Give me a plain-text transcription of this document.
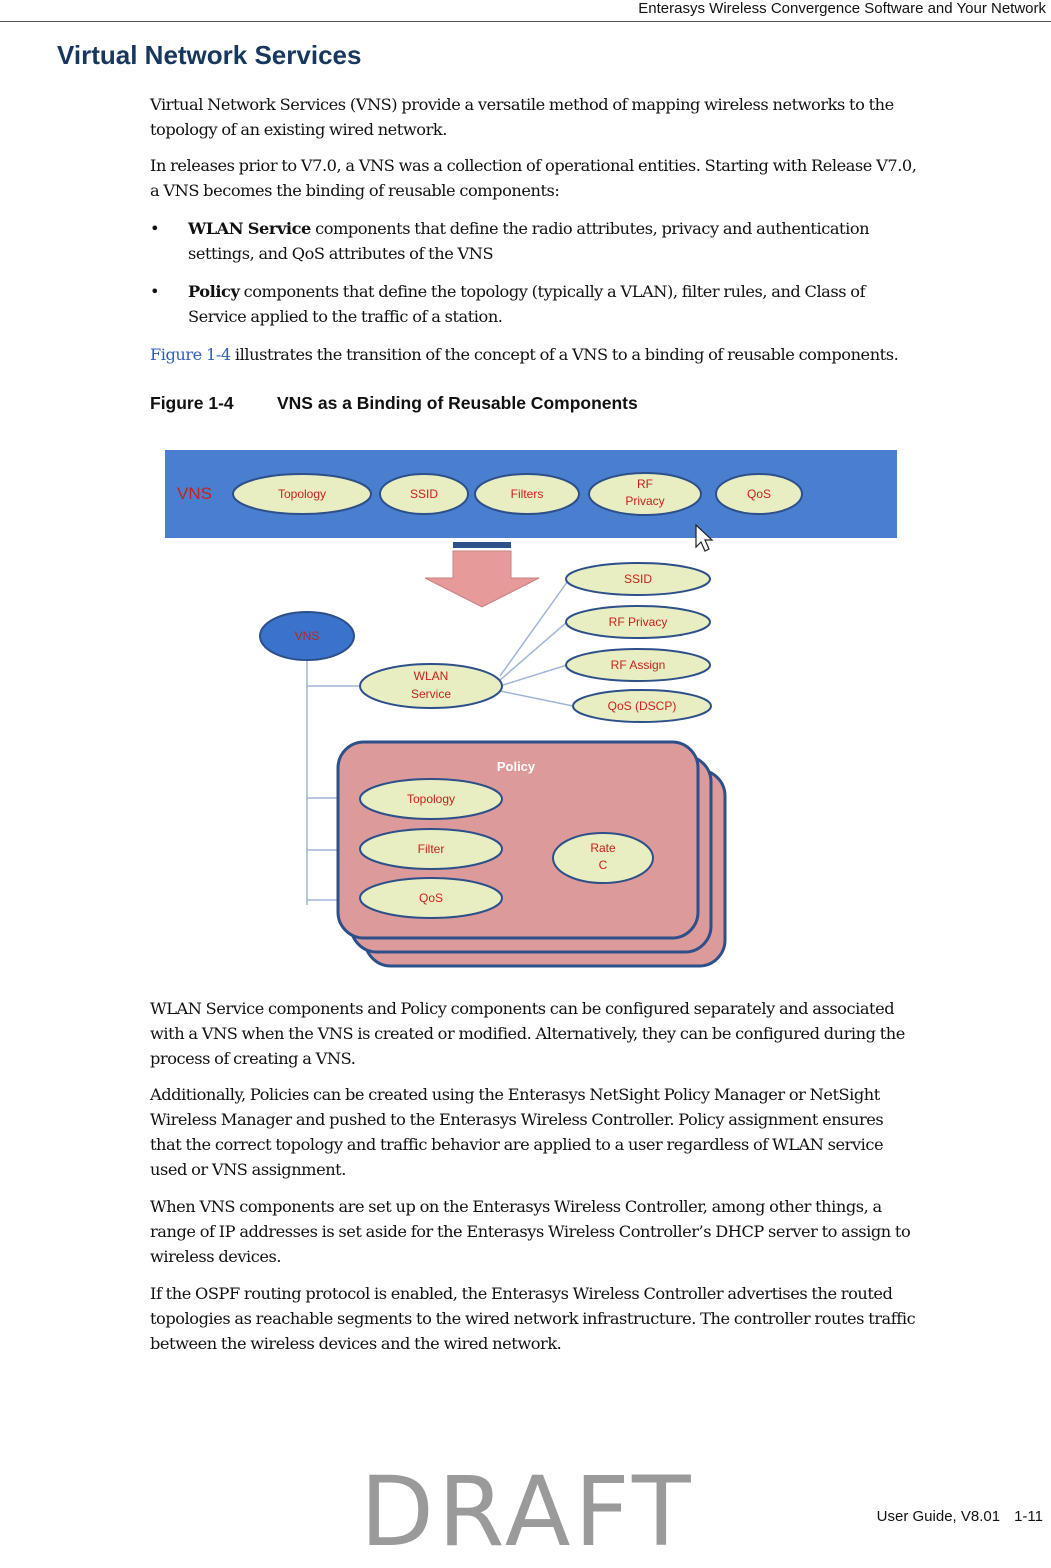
Enterasys Wireless Convergence Software and Your Network
Virtual Network Services
Virtual Network Services (VNS) provide a versatile method of mapping wireless networks to the
topology of an existing wired network.
In releases prior to V7.0, a VNS was a collection of operational entities. Starting with Release V7.0,
a VNS becomes the binding of reusable components:
• WLAN Service components that define the radio attributes, privacy and authentication
settings, and QoS attributes of the VNS
• Policy components that define the topology (typically a VLAN), filter rules, and Class of
Service applied to the traffic of a station.
Figure 1-4 illustrates the transition of the concept of a VNS to a binding of reusable components.
Figure 1-4 VNS as a Binding of Reusable Components
VNS	Topology	SSID	Filters
RF
Privacy	QoS
VNS
WLAN
Service
SSID
RF Privacy
RF Assign
QoS (DSCP)
Policy
Topology
Filter
QoS
Rate
C
WLAN Service components and Policy components can be configured separately and associated
with a VNS when the VNS is created or modified. Alternatively, they can be configured during the
process of creating a VNS.
Additionally, Policies can be created using the Enterasys NetSight Policy Manager or NetSight
Wireless Manager and pushed to the Enterasys Wireless Controller. Policy assignment ensures
that the correct topology and traffic behavior are applied to a user regardless of WLAN service
used or VNS assignment.
When VNS components are set up on the Enterasys Wireless Controller, among other things, a
range of IP addresses is set aside for the Enterasys Wireless Controller’s DHCP server to assign to
wireless devices.
If the OSPF routing protocol is enabled, the Enterasys Wireless Controller advertises the routed
topologies as reachable segments to the wired network infrastructure. The controller routes traffic
between the wireless devices and the wired network.
User Guide, V8.01 1-11
DRAFT
